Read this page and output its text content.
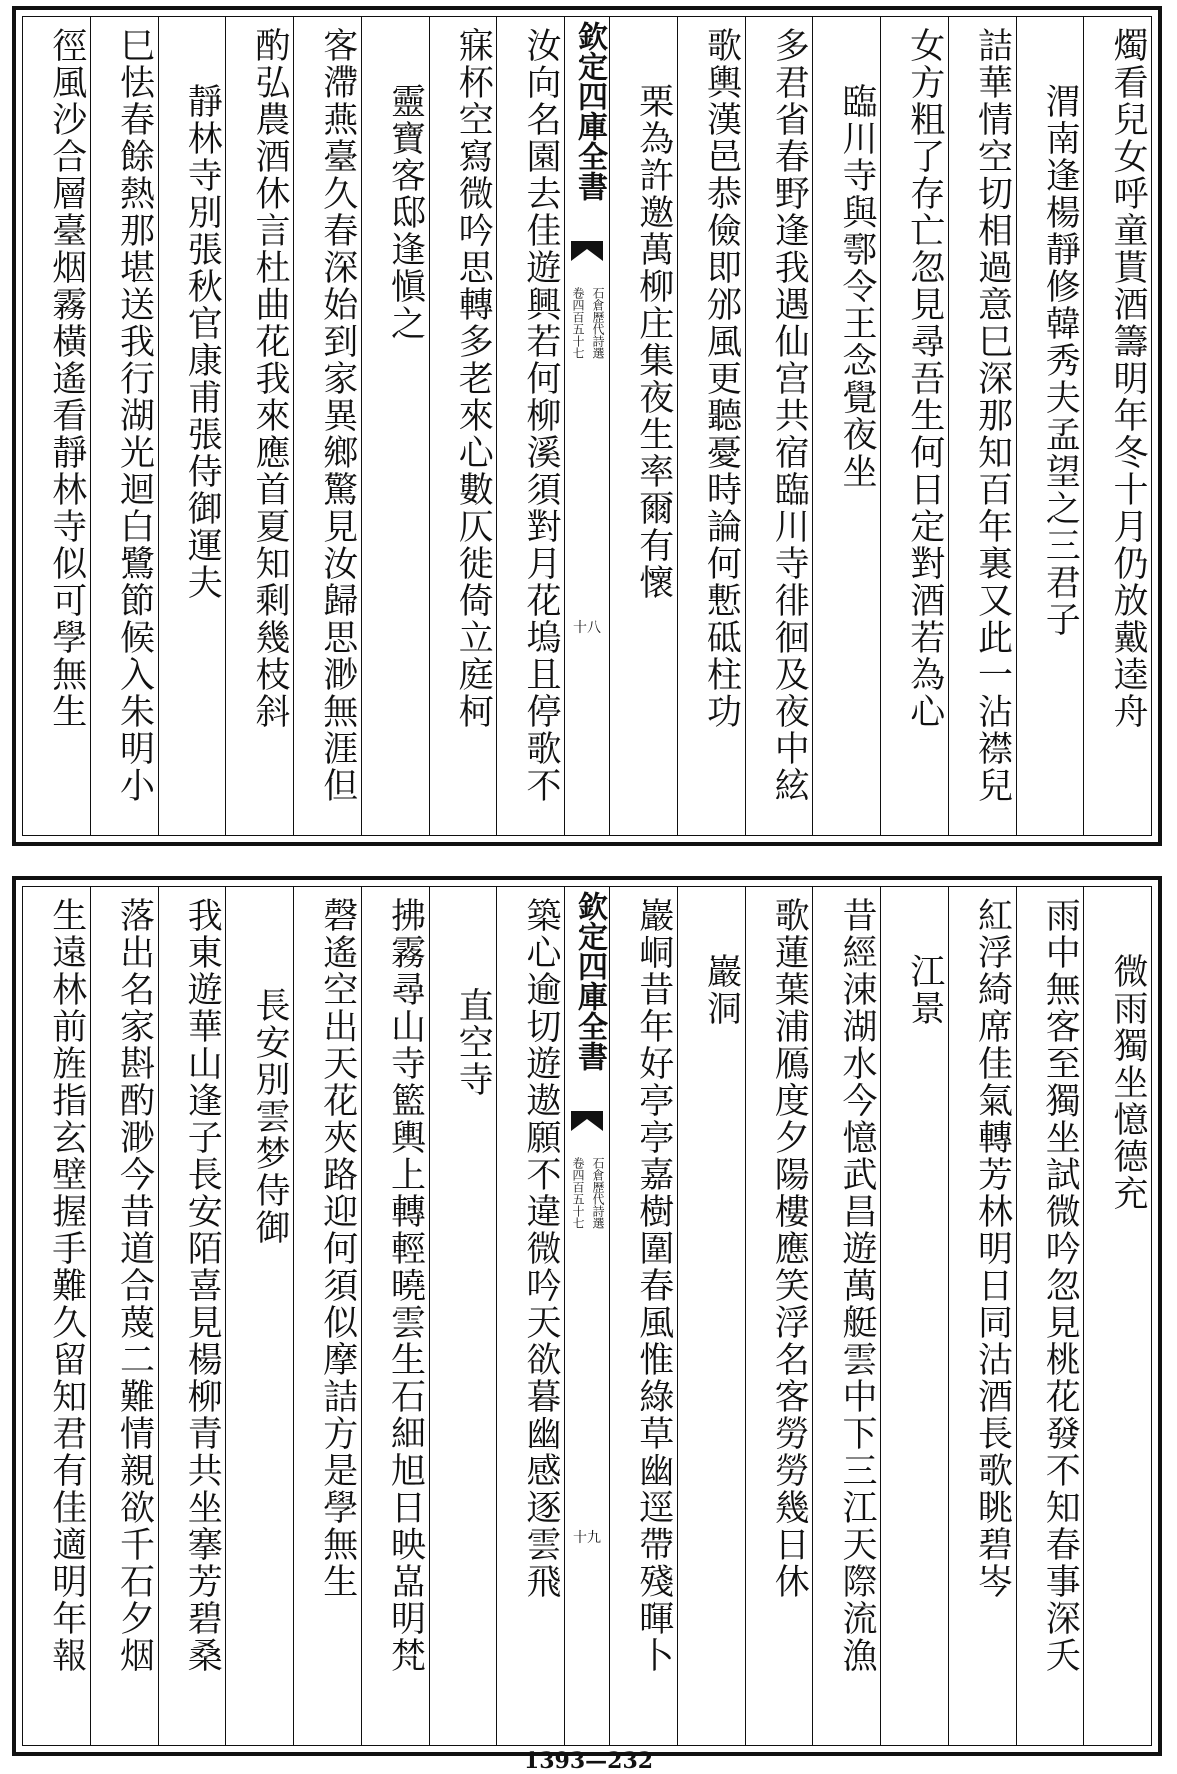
燭看兒女呼童貰酒籌明年冬十月仍放戴逵舟
渭南逢楊靜修韓秀夫孟望之三君子
詰華情空切相過意巳深那知百年裏又此一沾襟兒
女方粗了存亡忽見尋吾生何日定對酒若為心
臨川寺與鄠令王念覺夜坐
多君省春野逢我遇仙宫共宿臨川寺徘徊及夜中絃
歌輿漢邑恭儉即邠風更聽憂時論何慙砥柱功
栗為許邀萬柳庄集夜生率爾有懷
欽定四庫全書
石倉歷代詩選
卷四百五十七
十八
汝向名園去佳遊興若何柳溪須對月花塢且停歌不
寐杯空寫微吟思轉多老來心數仄徙倚立庭柯
靈寶客邸逢愼之
客滯燕臺久春深始到家異鄉驚見汝歸思渺無涯但
酌弘農酒休言杜曲花我來應首夏知剩幾枝斜
靜林寺別張秋官康甫張侍御運夫
巳怯春餘熱那堪送我行湖光迴白鷺節候入朱明小
徑風沙合層臺烟霧橫遙看靜林寺似可學無生
微雨獨坐憶德充
雨中無客至獨坐試微吟忽見桃花發不知春事深夭
紅浮綺席佳氣轉芳林明日同沽酒長歌眺碧岑
江景
昔經涑湖水今憶武昌遊萬艇雲中下三江天際流漁
歌蓮葉浦鴈度夕陽樓應笑浮名客勞勞幾日休
巖洞
巖峒昔年好亭亭嘉樹圍春風惟綠草幽逕帶殘暉卜
欽定四庫全書
石倉歷代詩選
卷四百五十七
十九
築心逾切遊遨願不違微吟天欲暮幽感逐雲飛
直空寺
拂霧尋山寺籃輿上轉輕曉雲生石細旭日映嵓明梵
磬遙空出天花夾路迎何須似摩詰方是學無生
長安別雲梦侍御
我東遊華山逢子長安陌喜見楊柳青共坐搴芳碧桑
落出名家斟酌渺今昔道合蔑二難情親欲千石夕烟
生遠林前旌指玄壁握手難久留知君有佳適明年報
1393—232
